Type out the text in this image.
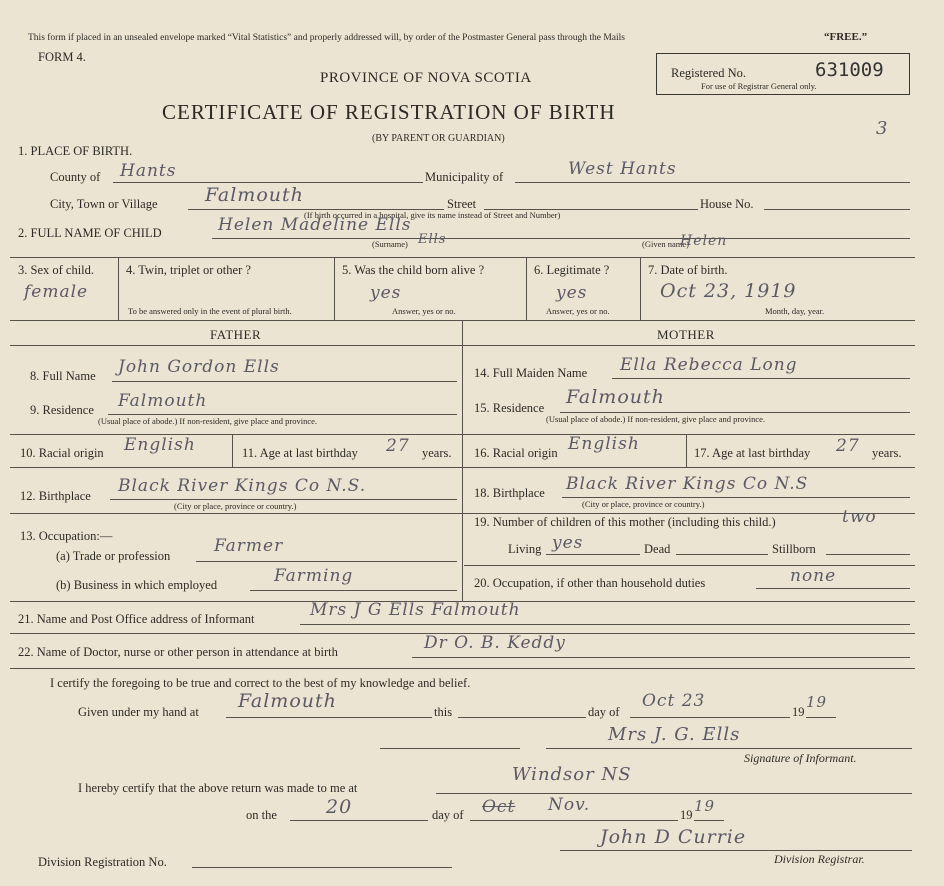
This form if placed in an unsealed envelope marked “Vital Statistics” and properly addressed will, by order of the Postmaster General pass through the Mails	“FREE.”
FORM 4.
PROVINCE OF NOVA SCOTIA
CERTIFICATE OF REGISTRATION OF BIRTH
(BY PARENT OR GUARDIAN)
Registered No.	631009
For use of Registrar General only.
3
1. PLACE OF BIRTH.
County of Hants	Municipality of	West Hants
City, Town or Village Falmouth	Street	House No.
(If birth occurred in a hospital, give its name instead of Street and Number)
2. FULL NAME OF CHILD	Helen Madeline Ells
(Surname) Ells	(Given name)
Helen
3. Sex of child.
female
4. Twin, triplet or other ?
To be answered only in the event of plural birth.
5. Was the child born alive ?
yes
Answer, yes or no.
6. Legitimate ?
yes
Answer, yes or no.
7. Date of birth.
Oct 23, 1919
Month, day, year.
FATHER	MOTHER
8. Full Name John Gordon Ells
9. Residence Falmouth
(Usual place of abode.) If non-resident, give place and province.
10. Racial origin English	11. Age at last birthday 27 years.
12. Birthplace Black River Kings Co N.S.
(City or place, province or country.)
13. Occupation:—
(a) Trade or profession	Farmer
(b) Business in which employed	Farming
14. Full Maiden Name Ella Rebecca Long
15. Residence Falmouth
(Usual place of abode.) If non-resident, give place and province.
16. Racial origin English	17. Age at last birthday 27 years.
18. Birthplace Black River Kings Co N.S
(City or place, province or country.)
19. Number of children of this mother (including this child.)	two
Living yes	Dead	Stillborn
20. Occupation, if other than household duties	none
21. Name and Post Office address of Informant	Mrs J G Ells Falmouth
22. Name of Doctor, nurse or other person in attendance at birth	Dr O. B. Keddy
I certify the foregoing to be true and correct to the best of my knowledge and belief.
Given under my hand at Falmouth	this	day of
Oct 23
19
19
Mrs J. G. Ells
Signature of Informant.
I hereby certify that the above return was made to me at
Windsor NS
on the	20	day of Oct Nov.	19 19
John D Currie
Division Registrar.
Division Registration No.
